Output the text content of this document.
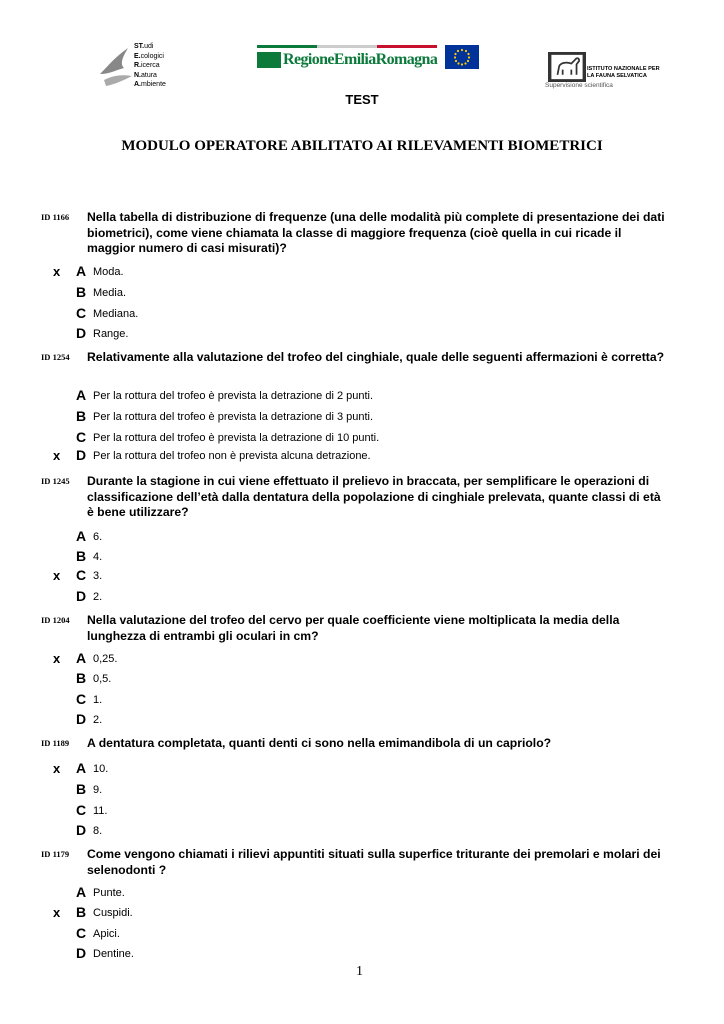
ST.udi
E.cologici
R.icerca
N.atura
A.mbiente
RegioneEmiliaRomagna
ISTITUTO NAZIONALE PER
LA FAUNA SELVATICA
Supervisione scientifica
TEST
MODULO OPERATORE ABILITATO AI RILEVAMENTI BIOMETRICI
ID 1166 Nella tabella di distribuzione di frequenze (una delle modalità più complete di presentazione dei dati biometrici), come viene chiamata la classe di maggiore frequenza (cioè quella in cui ricade il maggior numero di casi misurati)?
x A Moda.
B Media.
C Mediana.
D Range.
ID 1254 Relativamente alla valutazione del trofeo del cinghiale, quale delle seguenti affermazioni è corretta?
A Per la rottura del trofeo è prevista la detrazione di 2 punti.
B Per la rottura del trofeo è prevista la detrazione di 3 punti.
C Per la rottura del trofeo è prevista la detrazione di 10 punti.
x D Per la rottura del trofeo non è prevista alcuna detrazione.
ID 1245 Durante la stagione in cui viene effettuato il prelievo in braccata, per semplificare le operazioni di classificazione dell’età dalla dentatura della popolazione di cinghiale prelevata, quante classi di età è bene utilizzare?
A 6.
B 4.
x C 3.
D 2.
ID 1204 Nella valutazione del trofeo del cervo per quale coefficiente viene moltiplicata la media della lunghezza di entrambi gli oculari in cm?
x A 0,25.
B 0,5.
C 1.
D 2.
ID 1189 A dentatura completata, quanti denti ci sono nella emimandibola di un capriolo?
x A 10.
B 9.
C 11.
D 8.
ID 1179 Come vengono chiamati i rilievi appuntiti situati sulla superfice triturante dei premolari e molari dei selenodonti ?
A Punte.
x B Cuspidi.
C Apici.
D Dentine.
1
